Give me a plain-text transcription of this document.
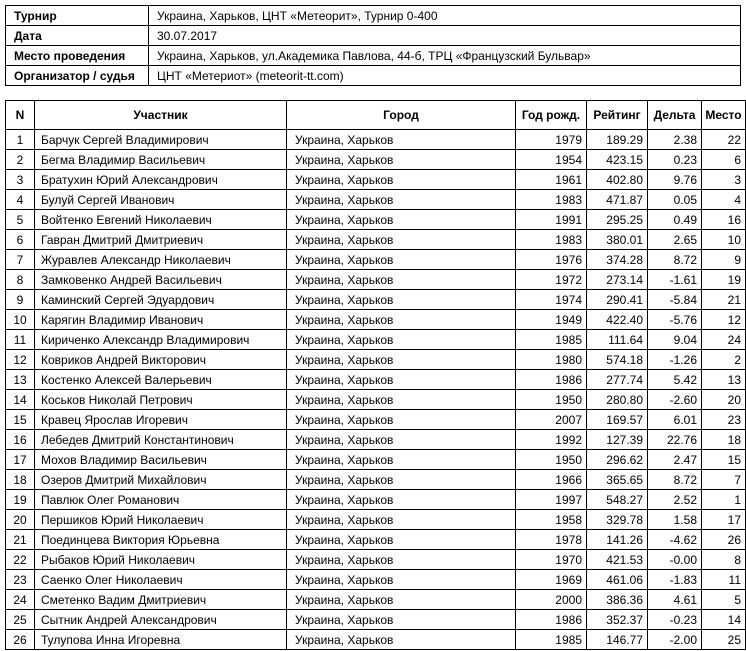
Турнир	Украина, Харьков, ЦНТ «Метеорит», Турнир 0-400
Дата	30.07.2017
Место проведения	Украина, Харьков, ул.Академика Павлова, 44-б, ТРЦ «Французский Бульвар»
Организатор / судья	ЦНТ «Метериот» (meteorit-tt.com)
N	Участник	Город	Год рожд.	Рейтинг	Дельта	Место
1	Барчук Сергей Владимирович	Украина, Харьков	1979	189.29	2.38	22
2	Бегма Владимир Васильевич	Украина, Харьков	1954	423.15	0.23	6
3	Братухин Юрий Александрович	Украина, Харьков	1961	402.80	9.76	3
4	Булуй Сергей Иванович	Украина, Харьков	1983	471.87	0.05	4
5	Войтенко Евгений Николаевич	Украина, Харьков	1991	295.25	0.49	16
6	Гавран Дмитрий Дмитриевич	Украина, Харьков	1983	380.01	2.65	10
7	Журавлев Александр Николаевич	Украина, Харьков	1976	374.28	8.72	9
8	Замковенко Андрей Васильевич	Украина, Харьков	1972	273.14	-1.61	19
9	Каминский Сергей Эдуардович	Украина, Харьков	1974	290.41	-5.84	21
10	Карягин Владимир Иванович	Украина, Харьков	1949	422.40	-5.76	12
11	Кириченко Александр Владимирович	Украина, Харьков	1985	111.64	9.04	24
12	Ковриков Андрей Викторович	Украина, Харьков	1980	574.18	-1.26	2
13	Костенко Алексей Валерьевич	Украина, Харьков	1986	277.74	5.42	13
14	Коськов Николай Петрович	Украина, Харьков	1950	280.80	-2.60	20
15	Кравец Ярослав Игоревич	Украина, Харьков	2007	169.57	6.01	23
16	Лебедев Дмитрий Константинович	Украина, Харьков	1992	127.39	22.76	18
17	Мохов Владимир Васильевич	Украина, Харьков	1950	296.62	2.47	15
18	Озеров Дмитрий Михайлович	Украина, Харьков	1966	365.65	8.72	7
19	Павлюк Олег Романович	Украина, Харьков	1997	548.27	2.52	1
20	Першиков Юрий Николаевич	Украина, Харьков	1958	329.78	1.58	17
21	Поединцева Виктория Юрьевна	Украина, Харьков	1978	141.26	-4.62	26
22	Рыбаков Юрий Николаевич	Украина, Харьков	1970	421.53	-0.00	8
23	Саенко Олег Николаевич	Украина, Харьков	1969	461.06	-1.83	11
24	Сметенко Вадим Дмитриевич	Украина, Харьков	2000	386.36	4.61	5
25	Сытник Андрей Александрович	Украина, Харьков	1986	352.37	-0.23	14
26	Тулупова Инна Игоревна	Украина, Харьков	1985	146.77	-2.00	25
